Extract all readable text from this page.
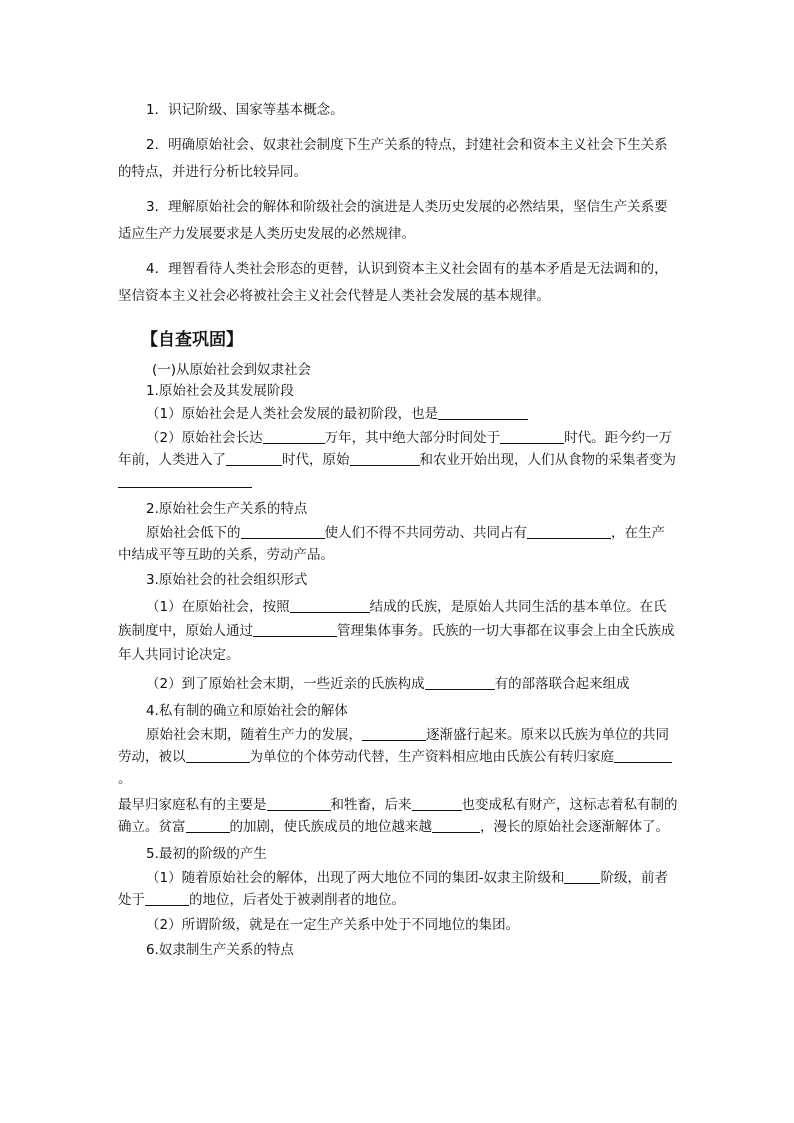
1．识记阶级、国家等基本概念。

2．明确原始社会、奴隶社会制度下生产关系的特点，封建社会和资本主义社会下生关系的特点，并进行分析比较异同。

3．理解原始社会的解体和阶级社会的演进是人类历史发展的必然结果，坚信生产关系要适应生产力发展要求是人类历史发展的必然规律。

4．理智看待人类社会形态的更替，认识到资本主义社会固有的基本矛盾是无法调和的，坚信资本主义社会必将被社会主义社会代替是人类社会发展的基本规律。

【自查巩固】

(一)从原始社会到奴隶社会

1.原始社会及其发展阶段

（1）原始社会是人类社会发展的最初阶段，也是

（2）原始社会长达	万年，其中绝大部分时间处于	时代。距今约一万年前，人类进入了	时代，原始	和农业开始出现，人们从食物的采集者变为

2.原始社会生产关系的特点

原始社会低下的	使人们不得不共同劳动、共同占有	，在生产中结成平等互助的关系，劳动产品。

3.原始社会的社会组织形式

（1）在原始社会，按照	结成的氏族，是原始人共同生活的基本单位。在氏族制度中，原始人通过	管理集体事务。氏族的一切大事都在议事会上由全氏族成年人共同讨论决定。

（2）到了原始社会末期，一些近亲的氏族构成	有的部落联合起来组成

4.私有制的确立和原始社会的解体

原始社会末期，随着生产力的发展，	逐渐盛行起来。原来以氏族为单位的共同劳动，被以	为单位的个体劳动代替，生产资料相应地由氏族公有转归家庭。

最早归家庭私有的主要是	和牲畜，后来	也变成私有财产，这标志着私有制的确立。贫富	的加剧，使氏族成员的地位越来越	，漫长的原始社会逐渐解体了。

5.最初的阶级的产生

（1）随着原始社会的解体，出现了两大地位不同的集团-奴隶主阶级和	阶级，前者处于	的地位，后者处于被剥削者的地位。

（2）所谓阶级，就是在一定生产关系中处于不同地位的集团。

6.奴隶制生产关系的特点
